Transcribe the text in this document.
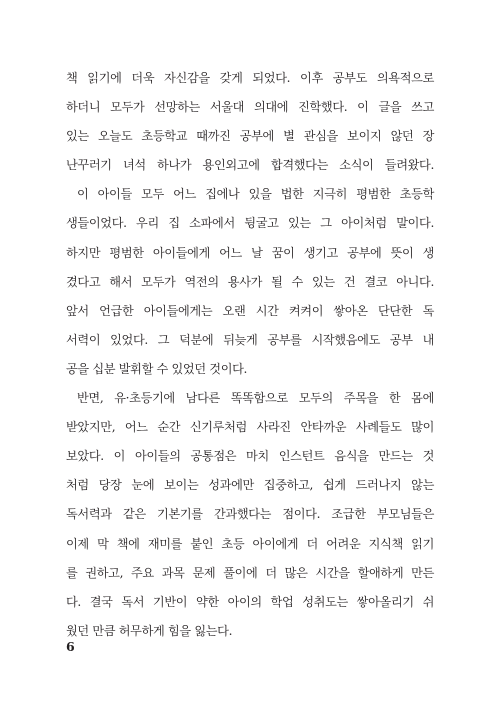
책 읽기에 더욱 자신감을 갖게 되었다. 이후 공부도 의욕적으로
하더니 모두가 선망하는 서울대 의대에 진학했다. 이 글을 쓰고
있는 오늘도 초등학교 때까진 공부에 별 관심을 보이지 않던 장
난꾸러기 녀석 하나가 용인외고에 합격했다는 소식이 들려왔다.
이 아이들 모두 어느 집에나 있을 법한 지극히 평범한 초등학
생들이었다. 우리 집 소파에서 뒹굴고 있는 그 아이처럼 말이다.
하지만 평범한 아이들에게 어느 날 꿈이 생기고 공부에 뜻이 생
겼다고 해서 모두가 역전의 용사가 될 수 있는 건 결코 아니다.
앞서 언급한 아이들에게는 오랜 시간 켜켜이 쌓아온 단단한 독
서력이 있었다. 그 덕분에 뒤늦게 공부를 시작했음에도 공부 내
공을 십분 발휘할 수 있었던 것이다.
반면, 유·초등기에 남다른 똑똑함으로 모두의 주목을 한 몸에
받았지만, 어느 순간 신기루처럼 사라진 안타까운 사례들도 많이
보았다. 이 아이들의 공통점은 마치 인스턴트 음식을 만드는 것
처럼 당장 눈에 보이는 성과에만 집중하고, 쉽게 드러나지 않는
독서력과 같은 기본기를 간과했다는 점이다. 조급한 부모님들은
이제 막 책에 재미를 붙인 초등 아이에게 더 어려운 지식책 읽기
를 권하고, 주요 과목 문제 풀이에 더 많은 시간을 할애하게 만든
다. 결국 독서 기반이 약한 아이의 학업 성취도는 쌓아올리기 쉬
웠던 만큼 허무하게 힘을 잃는다.
6
